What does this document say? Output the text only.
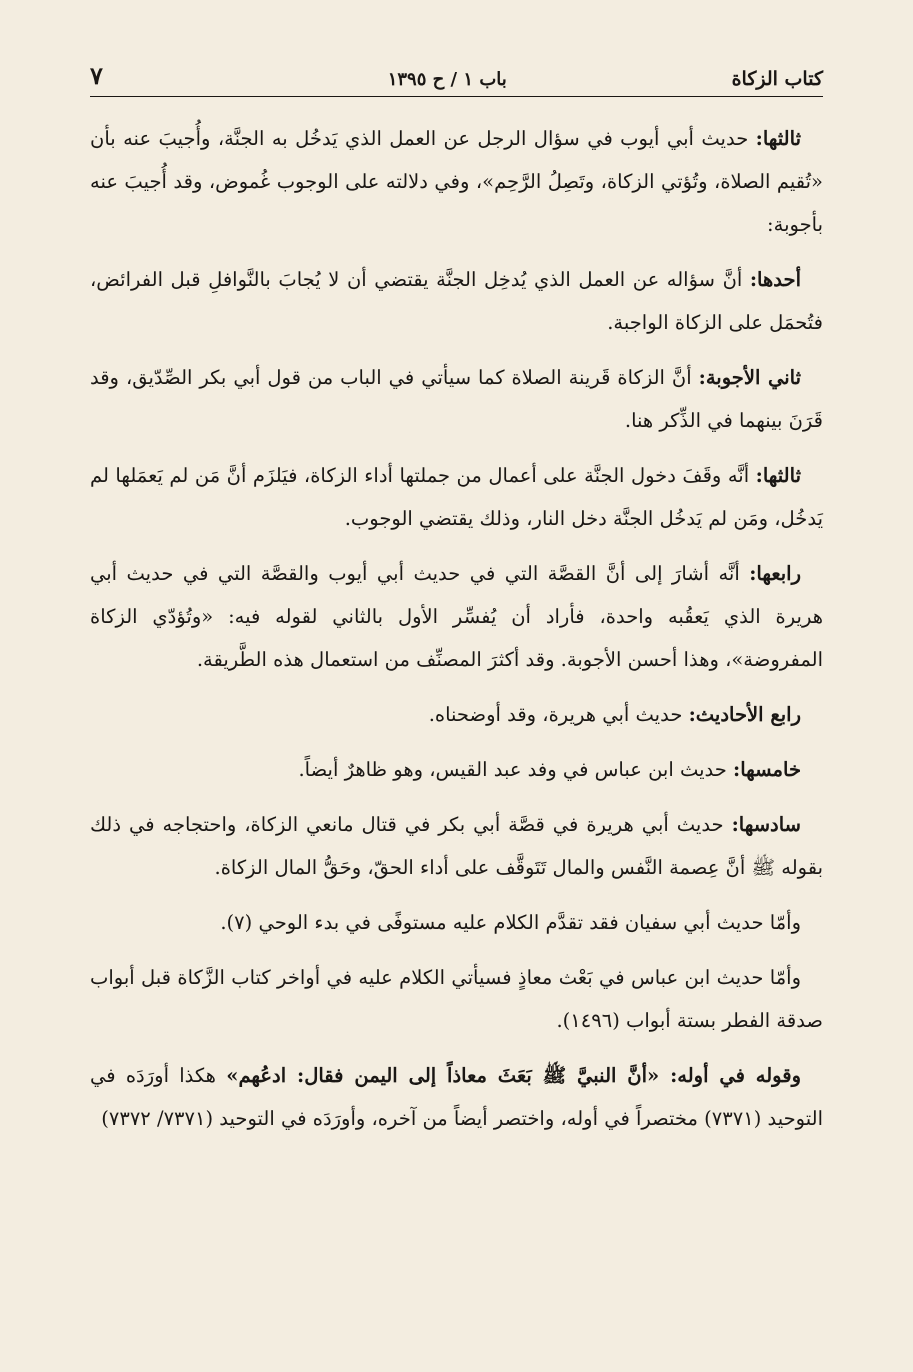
كتاب الزكاة
باب ١ / ح ١٣٩٥
٧

ثالثها: حديث أبي أيوب في سؤال الرجل عن العمل الذي يَدخُل به الجنَّة، وأُجيبَ عنه بأن «تُقيم الصلاة، وتُؤتي الزكاة، وتَصِلُ الرَّحِم»، وفي دلالته على الوجوب غُموض، وقد أُجيبَ عنه بأجوبة:

أحدها: أنَّ سؤاله عن العمل الذي يُدخِل الجنَّة يقتضي أن لا يُجابَ بالنَّوافلِ قبل الفرائض، فتُحمَل على الزكاة الواجبة.

ثاني الأجوبة: أنَّ الزكاة قَرينة الصلاة كما سيأتي في الباب من قول أبي بكر الصِّدّيق، وقد قَرَنَ بينهما في الذِّكر هنا.

ثالثها: أنَّه وقَفَ دخول الجنَّة على أعمال من جملتها أداء الزكاة، فيَلزَم أنَّ مَن لم يَعمَلها لم يَدخُل، ومَن لم يَدخُل الجنَّة دخل النار، وذلك يقتضي الوجوب.

رابعها: أنَّه أشارَ إلى أنَّ القصَّة التي في حديث أبي أيوب والقصَّة التي في حديث أبي هريرة الذي يَعقُبه واحدة، فأراد أن يُفسِّر الأول بالثاني لقوله فيه: «وتُؤدّي الزكاة المفروضة»، وهذا أحسن الأجوبة. وقد أكثرَ المصنِّف من استعمال هذه الطَّريقة.

رابع الأحاديث: حديث أبي هريرة، وقد أوضحناه.

خامسها: حديث ابن عباس في وفد عبد القيس، وهو ظاهرٌ أيضاً.

سادسها: حديث أبي هريرة في قصَّة أبي بكر في قتال مانعي الزكاة، واحتجاجه في ذلك بقوله ﷺ أنَّ عِصمة النَّفس والمال تَتَوقَّف على أداء الحقّ، وحَقُّ المال الزكاة.

وأمّا حديث أبي سفيان فقد تقدَّم الكلام عليه مستوفًى في بدء الوحي (٧).

وأمّا حديث ابن عباس في بَعْث معاذٍ فسيأتي الكلام عليه في أواخر كتاب الزَّكاة قبل أبواب صدقة الفطر بستة أبواب (١٤٩٦).

وقوله في أوله: «أنَّ النبيَّ ﷺ بَعَثَ معاذاً إلى اليمن فقال: ادعُهم» هكذا أورَدَه في التوحيد (٧٣٧١) مختصراً في أوله، واختصر أيضاً من آخره، وأورَدَه في التوحيد (٧٣٧١/ ٧٣٧٢)
